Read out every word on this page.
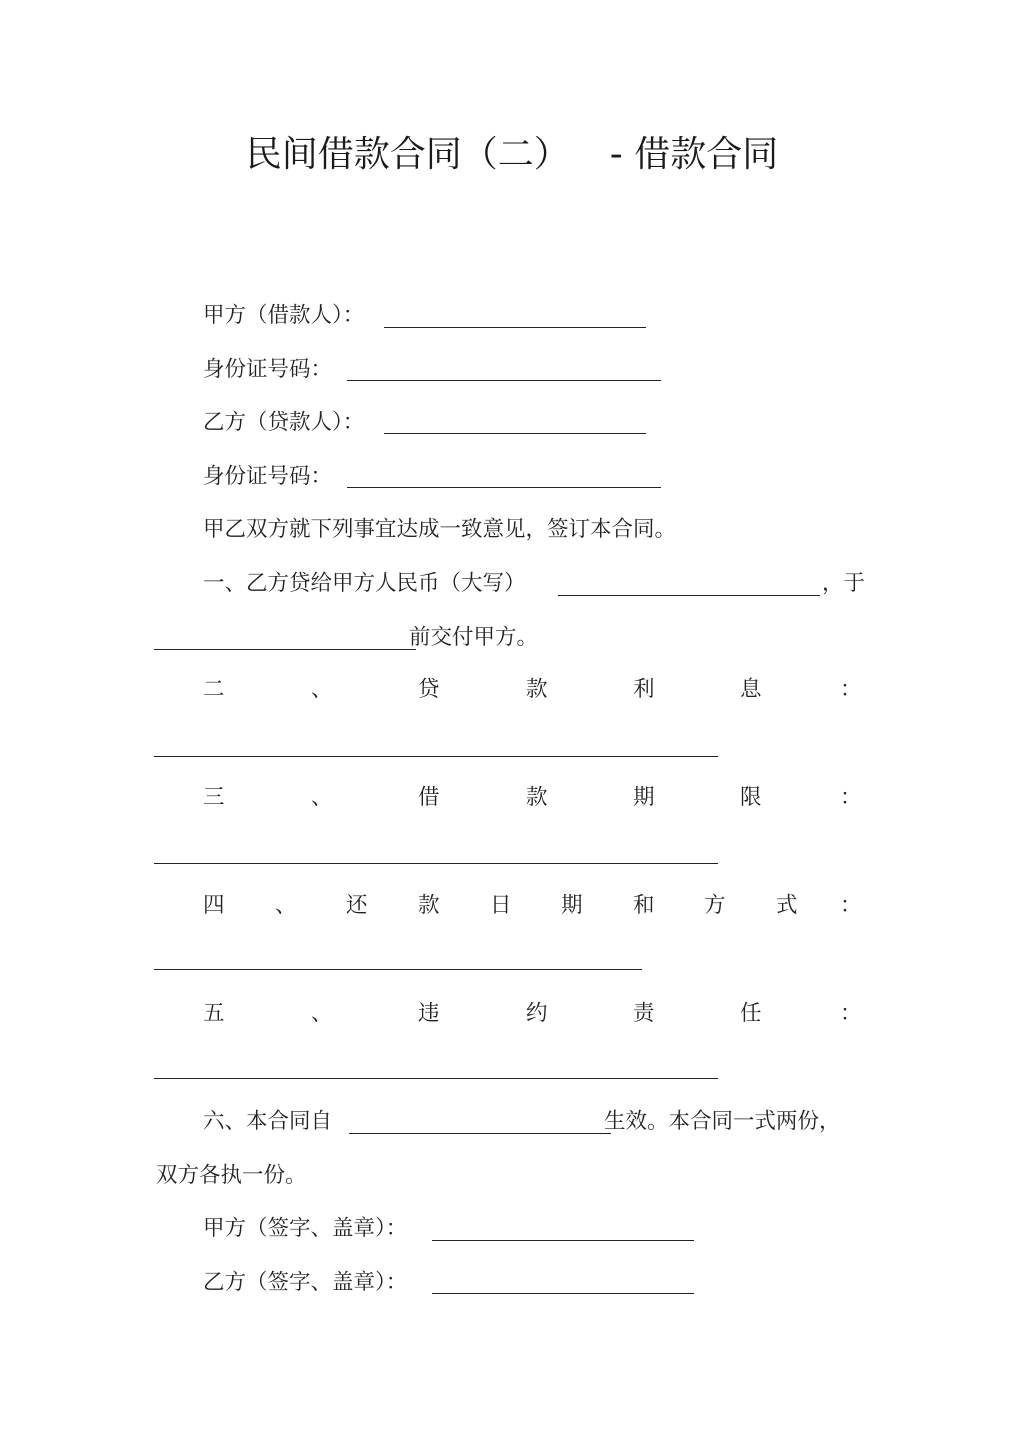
民间借款合同（二） - 借款合同
甲方（借款人）：
身份证号码：
乙方（贷款人）：
身份证号码：
甲乙双方就下列事宜达成一致意见，签订本合同。
一、乙方贷给甲方人民币（大写）	，于
前交付甲方。
二	、	贷	款	利	息	：
三	、	借	款	期	限	：
四 、 还 款 日 期 和 方 式 ：
五	、	违	约	责	任	：
六、本合同自	生效。本合同一式两份，
双方各执一份。
甲方（签字、盖章）：
乙方（签字、盖章）：
